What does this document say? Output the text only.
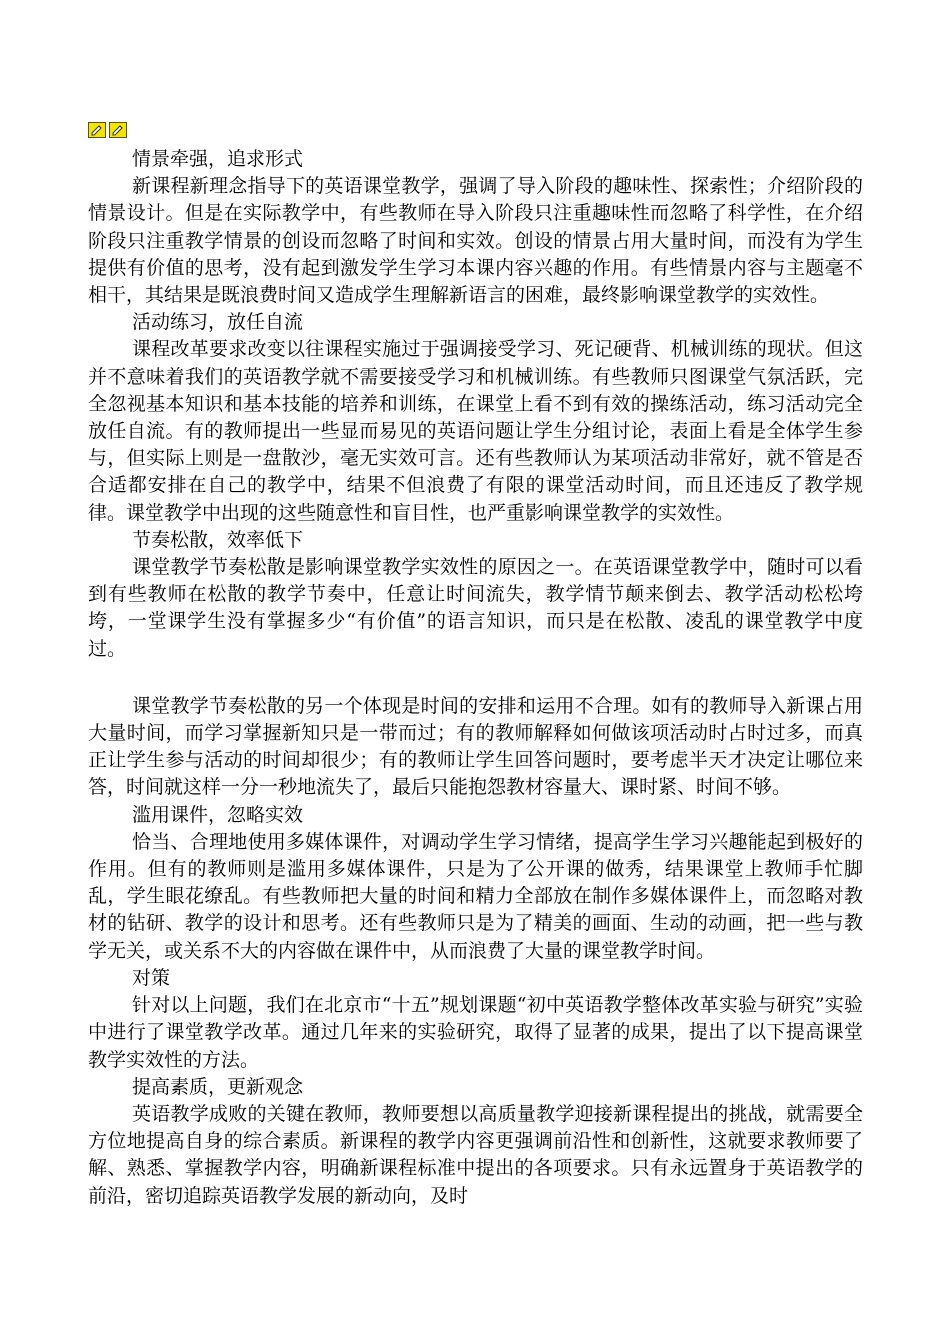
情景牵强，追求形式

新课程新理念指导下的英语课堂教学，强调了导入阶段的趣味性、探索性；介绍阶段的情景设计。但是在实际教学中，有些教师在导入阶段只注重趣味性而忽略了科学性，在介绍阶段只注重教学情景的创设而忽略了时间和实效。创设的情景占用大量时间，而没有为学生提供有价值的思考，没有起到激发学生学习本课内容兴趣的作用。有些情景内容与主题毫不相干，其结果是既浪费时间又造成学生理解新语言的困难，最终影响课堂教学的实效性。

活动练习，放任自流

课程改革要求改变以往课程实施过于强调接受学习、死记硬背、机械训练的现状。但这并不意味着我们的英语教学就不需要接受学习和机械训练。有些教师只图课堂气氛活跃，完全忽视基本知识和基本技能的培养和训练，在课堂上看不到有效的操练活动，练习活动完全放任自流。有的教师提出一些显而易见的英语问题让学生分组讨论，表面上看是全体学生参与，但实际上则是一盘散沙，毫无实效可言。还有些教师认为某项活动非常好，就不管是否合适都安排在自己的教学中，结果不但浪费了有限的课堂活动时间，而且还违反了教学规律。课堂教学中出现的这些随意性和盲目性，也严重影响课堂教学的实效性。

节奏松散，效率低下

课堂教学节奏松散是影响课堂教学实效性的原因之一。在英语课堂教学中，随时可以看到有些教师在松散的教学节奏中，任意让时间流失，教学情节颠来倒去、教学活动松松垮垮，一堂课学生没有掌握多少“有价值”的语言知识，而只是在松散、凌乱的课堂教学中度过。

课堂教学节奏松散的另一个体现是时间的安排和运用不合理。如有的教师导入新课占用大量时间，而学习掌握新知只是一带而过；有的教师解释如何做该项活动时占时过多，而真正让学生参与活动的时间却很少；有的教师让学生回答问题时，要考虑半天才决定让哪位来答，时间就这样一分一秒地流失了，最后只能抱怨教材容量大、课时紧、时间不够。

滥用课件，忽略实效

恰当、合理地使用多媒体课件，对调动学生学习情绪，提高学生学习兴趣能起到极好的作用。但有的教师则是滥用多媒体课件，只是为了公开课的做秀，结果课堂上教师手忙脚乱，学生眼花缭乱。有些教师把大量的时间和精力全部放在制作多媒体课件上，而忽略对教材的钻研、教学的设计和思考。还有些教师只是为了精美的画面、生动的动画，把一些与教学无关，或关系不大的内容做在课件中，从而浪费了大量的课堂教学时间。

对策

针对以上问题，我们在北京市“十五”规划课题“初中英语教学整体改革实验与研究”实验中进行了课堂教学改革。通过几年来的实验研究，取得了显著的成果，提出了以下提高课堂教学实效性的方法。

提高素质，更新观念

英语教学成败的关键在教师，教师要想以高质量教学迎接新课程提出的挑战，就需要全方位地提高自身的综合素质。新课程的教学内容更强调前沿性和创新性，这就要求教师要了解、熟悉、掌握教学内容，明确新课程标准中提出的各项要求。只有永远置身于英语教学的前沿，密切追踪英语教学发展的新动向，及时
